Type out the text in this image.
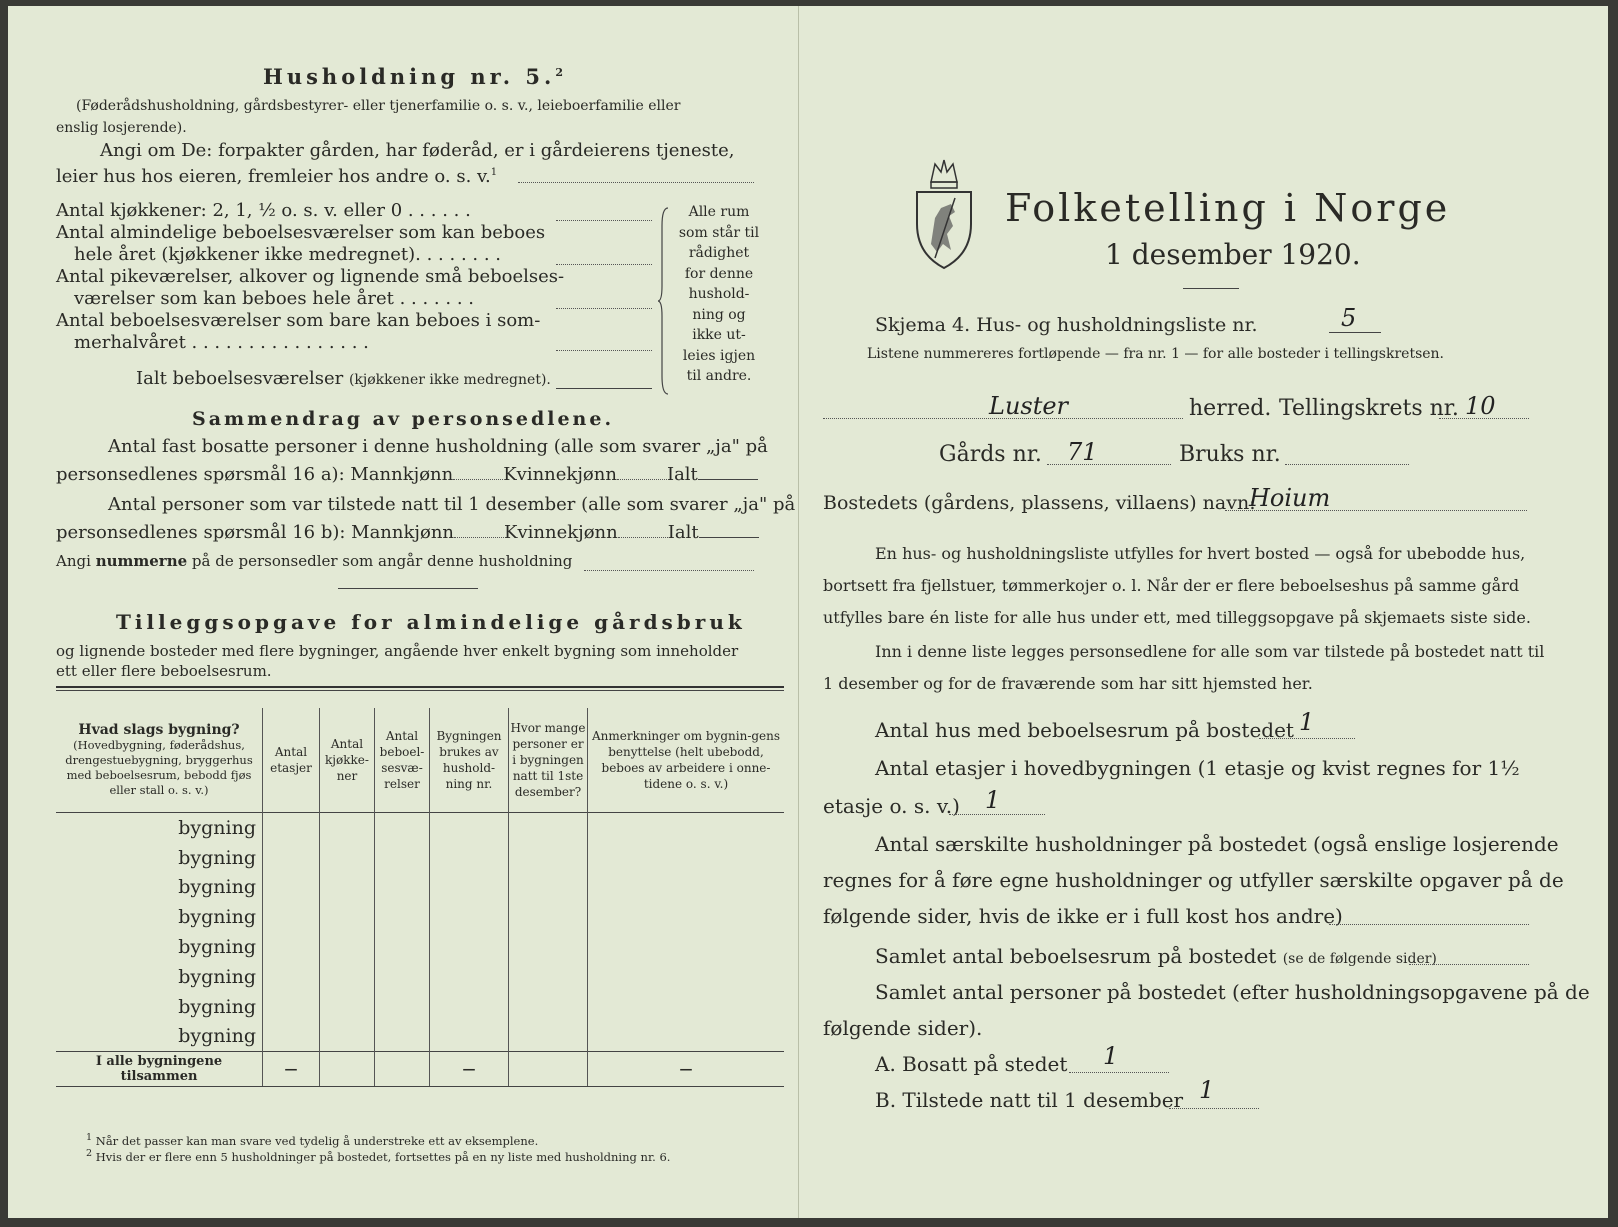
Husholdning nr. 5.$^2$
(Føderådshusholdning, gårdsbestyrer- eller tjenerfamilie o. s. v., leieboerfamilie eller
enslig losjerende).
Angi om De: forpakter gården, har føderåd, er i gårdeierens tjeneste,
leier hus hos eieren, fremleier hos andre o. s. v.$^1$
Antal kjøkkener: 2, 1, ½ o. s. v. eller 0 . . . . . .
Antal almindelige beboelsesværelser som kan beboes
hele året (kjøkkener ikke medregnet). . . . . . . .
Antal pikeværelser, alkover og lignende små beboelses-
værelser som kan beboes hele året . . . . . . .
Antal beboelsesværelser som bare kan beboes i som-
merhalvåret . . . . . . . . . . . . . . . .
Ialt beboelsesværelser (kjøkkener ikke medregnet).
Alle rum
som står til
rådighet
for denne
hushold-
ning og
ikke ut-
leies igjen
til andre.
Sammendrag av personsedlene.
Antal fast bosatte personer i denne husholdning (alle som svarer „ja" på
personsedlenes spørsmål 16 a): Mannkjønn	Kvinnekjønn	Ialt
Antal personer som var tilstede natt til 1 desember (alle som svarer „ja" på
personsedlenes spørsmål 16 b): Mannkjønn	Kvinnekjønn	Ialt
Angi nummerne på de personsedler som angår denne husholdning
Tilleggsopgave for almindelige gårdsbruk
og lignende bosteder med flere bygninger, angående hver enkelt bygning som inneholder
ett eller flere beboelsesrum.
Hvad slags bygning?
(Hovedbygning, føderådshus, drengestuebygning, bryggerhus med beboelsesrum, bebodd fjøs eller stall o. s. v.)	Antal etasjer	Antal kjøkke-ner	Antal beboel-sesvæ-relser	Bygningen brukes av hushold-ning nr.	Hvor mange personer er i bygningen natt til 1ste desember?	Anmerkninger om bygnin-gens benyttelse (helt ubebodd, beboes av arbeidere i onne-tidene o. s. v.)
bygning						
bygning						
bygning						
bygning						
bygning						
bygning						
bygning						
bygning						
I alle bygningene tilsammen	—			—		—
$^1$ Når det passer kan man svare ved tydelig å understreke ett av eksemplene.
$^2$ Hvis der er flere enn 5 husholdninger på bostedet, fortsettes på en ny liste med husholdning nr. 6.
Folketelling i Norge
1 desember 1920.
Skjema 4. Hus- og husholdningsliste nr.	5
Listene nummereres fortløpende — fra nr. 1 — for alle bosteder i tellingskretsen.
Luster	herred. Tellingskrets nr. 10
Gårds nr. 71	Bruks nr.
Bostedets (gårdens, plassens, villaens) navn:
Hoium
En hus- og husholdningsliste utfylles for hvert bosted — også for ubebodde hus,
bortsett fra fjellstuer, tømmerkojer o. l. Når der er flere beboelseshus på samme gård
utfylles bare én liste for alle hus under ett, med tilleggsopgave på skjemaets siste side.
Inn i denne liste legges personsedlene for alle som var tilstede på bostedet natt til
1 desember og for de fraværende som har sitt hjemsted her.
Antal hus med beboelsesrum på bostedet 1
Antal etasjer i hovedbygningen (1 etasje og kvist regnes for 1½
etasje o. s. v.) 1
Antal særskilte husholdninger på bostedet (også enslige losjerende
regnes for å føre egne husholdninger og utfyller særskilte opgaver på de
følgende sider, hvis de ikke er i full kost hos andre)
Samlet antal beboelsesrum på bostedet (se de følgende sider)
Samlet antal personer på bostedet (efter husholdningsopgavene på de
følgende sider).
A. Bosatt på stedet 1
B. Tilstede natt til 1 desember 1
